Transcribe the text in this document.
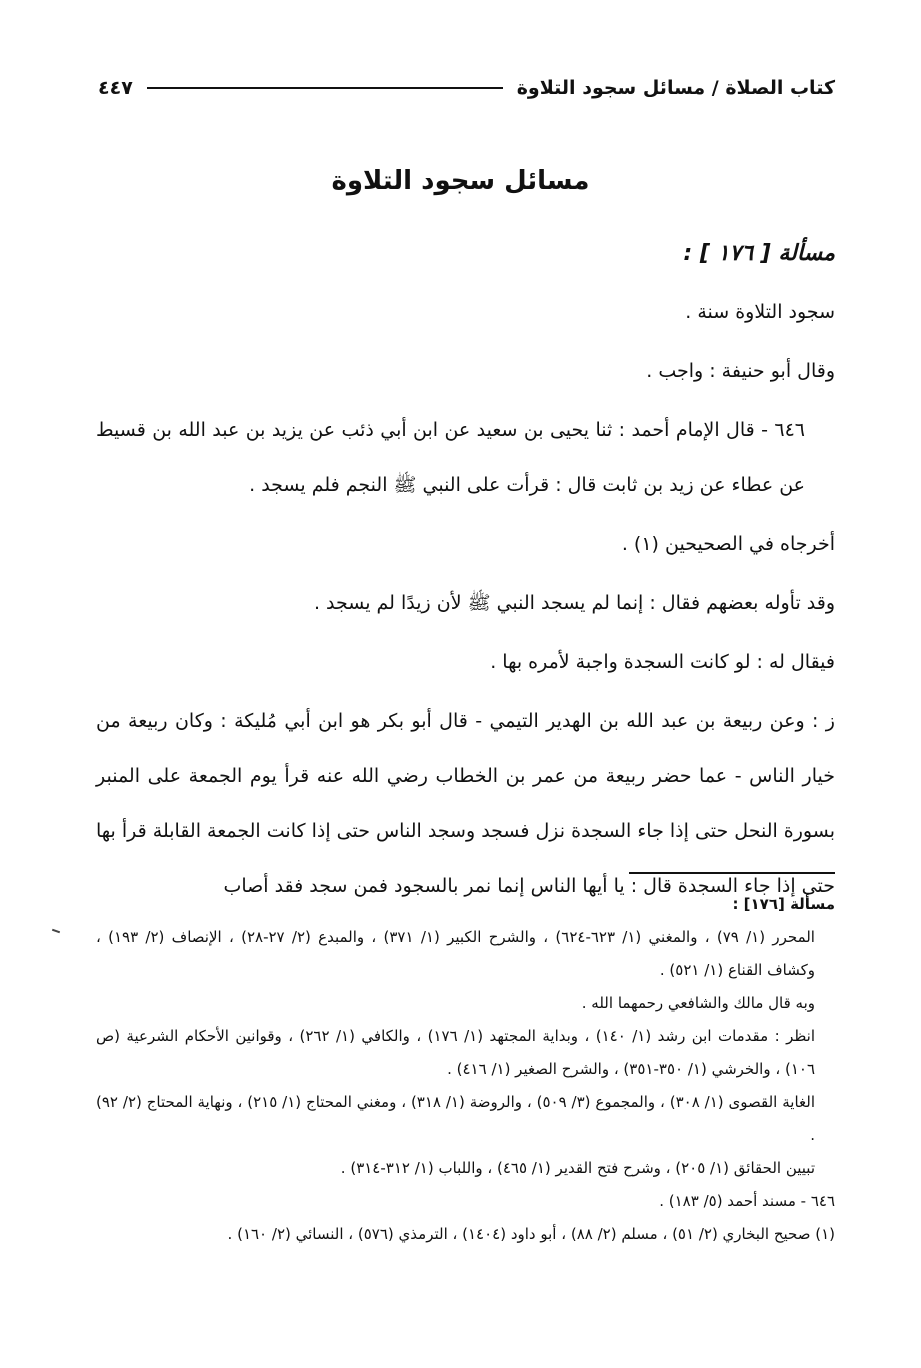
كتاب الصلاة / مسائل سجود التلاوة
٤٤٧
مسائل سجود التلاوة

مسألة [ ١٧٦ ] :

سجود التلاوة سنة .

وقال أبو حنيفة : واجب .

٦٤٦ - قال الإمام أحمد : ثنا يحيى بن سعيد عن ابن أبي ذئب عن يزيد بن عبد الله بن قسيط عن عطاء عن زيد بن ثابت قال : قرأت على النبي ﷺ النجم فلم يسجد .

أخرجاه في الصحيحين (١) .

وقد تأوله بعضهم فقال : إنما لم يسجد النبي ﷺ لأن زيدًا لم يسجد .

فيقال له : لو كانت السجدة واجبة لأمره بها .

ز : وعن ربيعة بن عبد الله بن الهدير التيمي - قال أبو بكر هو ابن أبي مُليكة : وكان ربيعة من خيار الناس - عما حضر ربيعة من عمر بن الخطاب رضي الله عنه قرأ يوم الجمعة على المنبر بسورة النحل حتى إذا جاء السجدة نزل فسجد وسجد الناس حتى إذا كانت الجمعة القابلة قرأ بها حتى إذا جاء السجدة قال : يا أيها الناس إنما نمر بالسجود فمن سجد فقد أصاب

مسألة [١٧٦] :

المحرر (١/ ٧٩) ، والمغني (١/ ٦٢٣-٦٢٤) ، والشرح الكبير (١/ ٣٧١) ، والمبدع (٢/ ٢٧-٢٨) ، الإنصاف (٢/ ١٩٣) ، وكشاف القناع (١/ ٥٢١) .

وبه قال مالك والشافعي رحمهما الله .

انظر : مقدمات ابن رشد (١/ ١٤٠) ، وبداية المجتهد (١/ ١٧٦) ، والكافي (١/ ٢٦٢) ، وقوانين الأحكام الشرعية (ص ١٠٦) ، والخرشي (١/ ٣٥٠-٣٥١) ، والشرح الصغير (١/ ٤١٦) .

الغاية القصوى (١/ ٣٠٨) ، والمجموع (٣/ ٥٠٩) ، والروضة (١/ ٣١٨) ، ومغني المحتاج (١/ ٢١٥) ، ونهاية المحتاج (٢/ ٩٢) .

تبيين الحقائق (١/ ٢٠٥) ، وشرح فتح القدير (١/ ٤٦٥) ، واللباب (١/ ٣١٢-٣١٤) .

٦٤٦ - مسند أحمد (٥/ ١٨٣) .

(١) صحيح البخاري (٢/ ٥١) ، مسلم (٢/ ٨٨) ، أبو داود (١٤٠٤) ، الترمذي (٥٧٦) ، النسائي (٢/ ١٦٠) .
